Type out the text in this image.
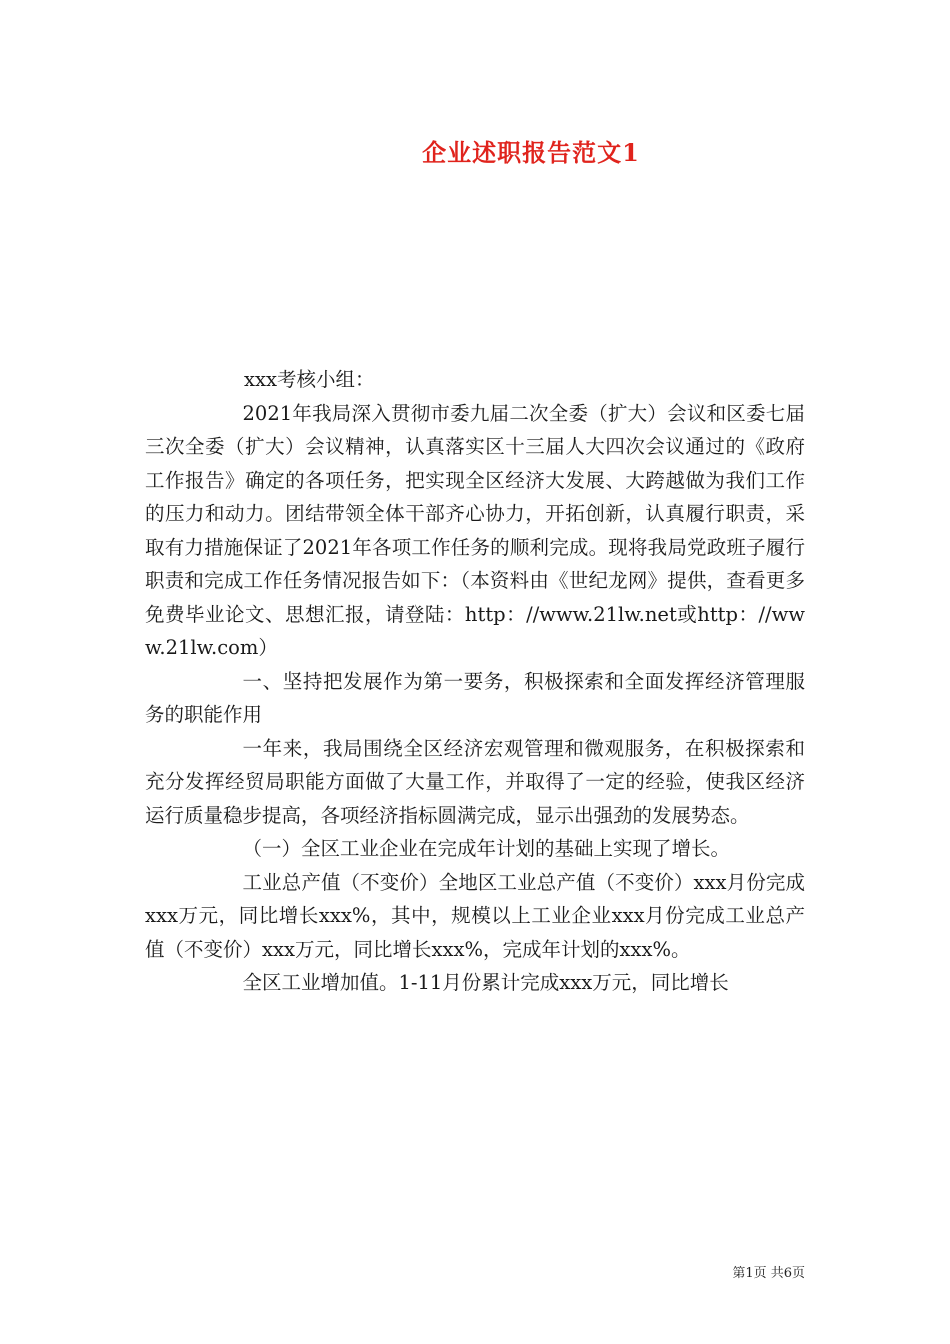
企业述职报告范文1

xxx考核小组：

2021年我局深入贯彻市委九届二次全委（扩大）会议和区委七届三次全委（扩大）会议精神，认真落实区十三届人大四次会议通过的《政府工作报告》确定的各项任务，把实现全区经济大发展、大跨越做为我们工作的压力和动力。团结带领全体干部齐心协力，开拓创新，认真履行职责，采取有力措施保证了2021年各项工作任务的顺利完成。现将我局党政班子履行职责和完成工作任务情况报告如下：（本资料由《世纪龙网》提供，查看更多免费毕业论文、思想汇报，请登陆：http：//www.21lw.net或http：//www.21lw.com）

一、坚持把发展作为第一要务，积极探索和全面发挥经济管理服务的职能作用

一年来，我局围绕全区经济宏观管理和微观服务，在积极探索和充分发挥经贸局职能方面做了大量工作，并取得了一定的经验，使我区经济运行质量稳步提高，各项经济指标圆满完成，显示出强劲的发展势态。

（一）全区工业企业在完成年计划的基础上实现了增长。

工业总产值（不变价）全地区工业总产值（不变价）xxx月份完成xxx万元，同比增长xxx%，其中，规模以上工业企业xxx月份完成工业总产值（不变价）xxx万元，同比增长xxx%，完成年计划的xxx%。

全区工业增加值。1-11月份累计完成xxx万元，同比增长

第1页 共6页
